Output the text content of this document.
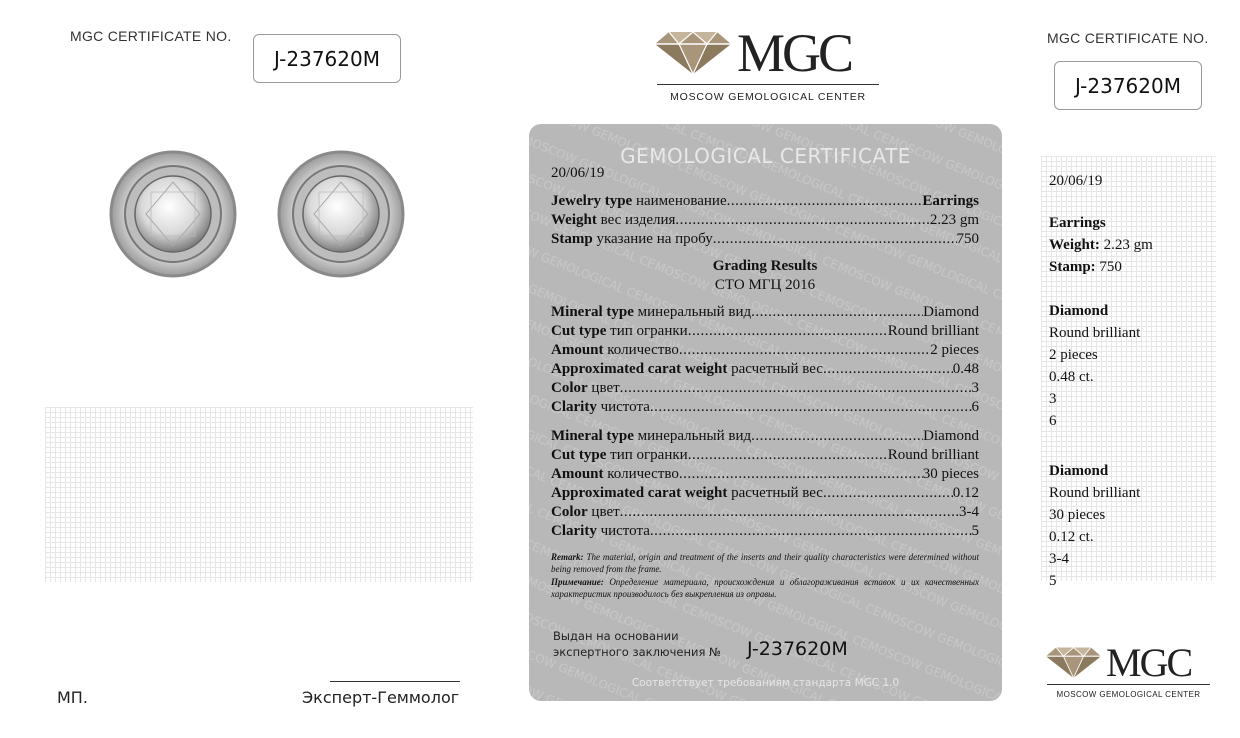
MGC CERTIFICATE NO.
J-237620M
MGC CERTIFICATE NO.
J-237620M
MGC
MOSCOW GEMOLOGICAL CENTER
GEMOLOGICAL CERTIFICATE
20/06/19
Jewelry type наименование .....	Earrings
Weight вес изделия .....	2.23 gm
Stamp указание на пробу .....	750
Grading Results
СТО МГЦ 2016
Mineral type минеральный вид .....	Diamond
Cut type тип огранки .....	Round brilliant
Amount количество .....	2 pieces
Approximated carat weight расчетный вес .....	0.48
Color цвет .....	3
Clarity чистота .....	6
Mineral type минеральный вид .....	Diamond
Cut type тип огранки .....	Round brilliant
Amount количество .....	30 pieces
Approximated carat weight расчетный вес .....	0.12
Color цвет .....	3-4
Clarity чистота .....	5
Remark: The material, origin and treatment of the inserts and their quality characteristics were determined without being removed from the frame.
Примечание: Определение материала, происхождения и облагораживания вставок и их качественных характеристик производилось без выкрепления из оправы.
Выдан на основании
экспертного заключения № J-237620M
Соответствует требованиям стандарта MGC 1.0
20/06/19
Earrings
Weight: 2.23 gm
Stamp: 750
Diamond
Round brilliant
2 pieces
0.48 ct.
3
6
Diamond
Round brilliant
30 pieces
0.12 ct.
3-4
5
MGC
MOSCOW GEMOLOGICAL CENTER
МП.	Эксперт-Геммолог
